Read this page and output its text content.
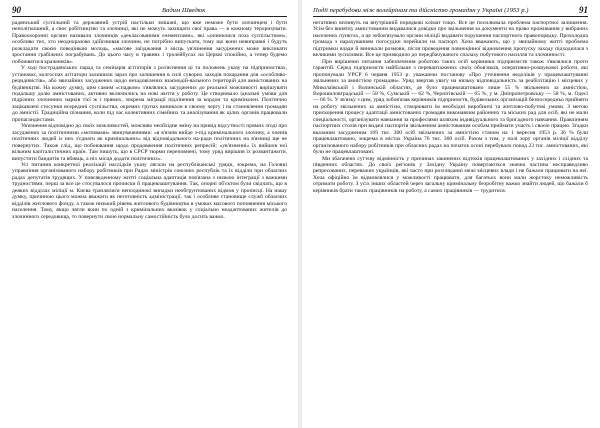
90	Вадим Шведюк

радянський суспільний та державний устрій настільки змішані, що вже неможе бути злочинцем і бути неполіткошний, а своє робітництво та злочинці, які не можуть захищати свої права — в кожному тероризувати. Правоохоронні органи називали злочинців «декласованими елементами», які «опинилися поза суспільством», особливо тих, хто неодноразово здійснював злочини, не потрібно випускати, тому що вони невиправні і будуть розкладати своєю поведінкою молодь, «масове заїзджання з місць ув'язнення засуджених може викликати зростання грабіжних пограбувань. До цього часу в травнях і тролейбусах на Церкві спокійно, а тепер будемо побоюватися кражників».

У ході пострадянських парад та семінарія агітаторів з роз'яснення ці та положень указу на підприємствах, установах, колгоспах агітатори залишили зараз про залишення в силі суворих заходів покарання для «особливо-рецидивістів», або звичайних засуджених щодо незадовілених взаємодій-вального територій для амністованих на будівництві. На кожну думку, цим самим «спадком» з'являлись засуджених до реальної можливості вирішувати подальшу долю амністованих, активно включились на нові життя у роботу. Це створювало ідеальні умови для підрізних злочинних нарків тієї ж і прямих, зокрема міграції підлінення за кордон та кримінален. Політично зацікавлені стосунки всередині суспільства, окремих групах виникали в своєму чергу і на становлення громадян до амністії. Традиційна пізнання, коли під час колективних сімейних та аналізування як цілих органів працювали пропагандистами.

Ув'язнення відповідно до своїх можливостей, можливо необхідне зміну на привід відсутності прямих згоді про засуджених за політичними «мотивами» звинуваченнями: «я в'язнів вийде з-під кримінального злочину, а членів політичних людей із них з'єднати як кримінальних» від відповідального на-ради політичних на в'язниці ще не повернутих. Також слід, що побоювання щодо продовження політичних репресій: «ув'язненні» їх вийшов ної вільним капіталістичних країн. Там пишуть, що в СРСР тюрми переповнені, тому уряд вирішив їх розвантажити, випустити бандитів та вбивць, а ніх місця додати політичних».

Усі питання конкретної реалізації наслідків указу лягали на республіканські уряди, зокрема, на Головні управління організованого набору робітників при Радах міністрів союзних республік та їх відділи при обласних радах депутатів трудящих. У повсякденному житті соціальна адаптація пов'язана з низкою інтеграції з важкими трудностями, перш за все це стосувалося прописки й працевлаштування. Так, опорні об'єктом були свідчать, що в деяких відділах міліції м. Києва траплялися непоодинокі випадки необгрунтованих відмов у прописці. На нашу думку, причиною цього можна вважати як неготовність адміністрації, так і особливе становище служб обласних відділів житлового фонду, а також низький рівень житлового будівництва в умовах масового поповнення міського населення. Тому, якщо лягли вони по одній з кримінальних вказівок у соціально неадаптованих жителів до злочинного середовища, то повернути свою нормальну самостійність було досить важко.

Події перебудови між волейрінам та дійсністю громадян у Україні (1953 р.)	91

негативно впливуть на внутрішній порядкові клімат тощо. Все це посилювала проблема паспортної залишення. Усім без винятку амністованим видавалися довідки про звільнення за документи на право проживання у вибраних населених пунктах, а це зобов'язувало органи міліції видавати порушення паспортного правопорядку. Прохолодна громада з нарахуванням погосудин перейшли на паспорт. Хоча вважають, що у звичайному житті проблема підтримки влади й виникали розмови, після проведення повноцінної відновлення пропуску заходу підходилася з великими зусиллями. Все це призводило до передбачуваного спалаху побутового насилля та злочинності.

При вирішенні питання забезпечення роботою таких осіб керівники підприємств також з'являлися проти гарантій. Серед підприємств найбільше з перевантажених своїх обов'язків, оперативно-розшукової роботи, які пропонували УРСР 6 червня 1953 р. уважаючи постанову «Про уточнення недоліків у працевлаштуванні звільнених за амністією громадян». Уряд звертав увагу на низьку відповідальність за реабілітацію і місцевих у Миколаївській і Волинській областях, де було працевлаштовано лише 55 % звільнених за амністією, Ворошиловградській — 58 %, Сумській — 62 %, Чернігівській — 65 %, у м. Дніпропетровську — 58 %, м. Одесі — 66 %. У зв'язку з цим, уряд зобов'язав керівників підприємств, будівельних організацій безпосередньо прийняти на роботу звільнених за амністією, створювати їм необхідні виробничі та житлово-побутові умови. З метою прискорення процесу адаптації амністованих громадян виконавчим районних та міських рад для осіб, які не мали спеціальності, організувати навчання за професіями шляхом індивідуального та бригадного навчання. Правлінням паспортних столів при видачі паспортів звільненим амністованим особам приймати участь і своєю працею. Згадки вказаним засудженим 169 тис. 300 осіб звільнених за амністією станом на 1 вересня 1953 р. 36 % були працевлаштовано, зокрема в містах Україна 76 тис. 300 осіб. Разом з тим, у полі зору органів міліції відділу організованого набору робітників при обласних радах на початок осені перебувало понад 23 тис. амністованих, які були не працевлаштовані.

Ми збагачено суттєву відмінність у причинах закинених відтоків працевлаштованих у західних і східних та південних областях. До своїх регіонів у Західну Україну повертаються значна частина несправедливо репресованих, переважно українців, які часто при розгляданні межі місцевих влади і не бажали працювати на неї. Хоча офіційно їм відмовлялися у можливості працювати, для багатьох вони мали жорстоку неможливість отримати роботу. З усіх інших областей через загальну кримінальну безробітну важко знайти людей, що бажали б керівників брати таких працівників на роботу, а самих працівників — трудитися.
